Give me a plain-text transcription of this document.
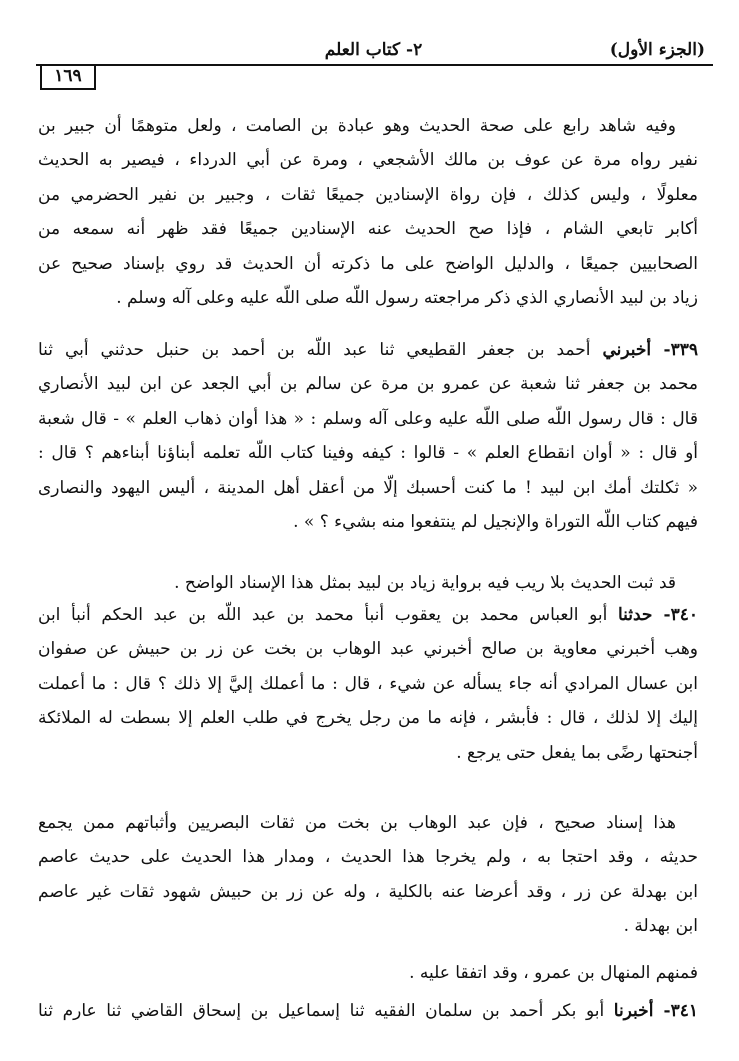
(الجزء الأول)
٢- كتاب العلم
١٦٩
وفيه شاهد رابع على صحة الحديث وهو عبادة بن الصامت ، ولعل متوهمًا أن جبير بن
نفير رواه مرة عن عوف بن مالك الأشجعي ، ومرة عن أبي الدرداء ، فيصير به الحديث
معلولًا ، وليس كذلك ، فإن رواة الإسنادين جميعًا ثقات ، وجبير بن نفير الحضرمي من
أكابر تابعي الشام ، فإذا صح الحديث عنه الإسنادين جميعًا فقد ظهر أنه سمعه من
الصحابيين جميعًا ، والدليل الواضح على ما ذكرته أن الحديث قد روي بإسناد صحيح عن
زياد بن لبيد الأنصاري الذي ذكر مراجعته رسول اللّه صلى اللّه عليه وعلى آله وسلم .
٣٣٩- أخبرني أحمد بن جعفر القطيعي ثنا عبد اللّه بن أحمد بن حنبل حدثني أبي ثنا
محمد بن جعفر ثنا شعبة عن عمرو بن مرة عن سالم بن أبي الجعد عن ابن لبيد الأنصاري
قال : قال رسول اللّه صلى اللّه عليه وعلى آله وسلم : « هذا أوان ذهاب العلم » - قال شعبة
أو قال : « أوان انقطاع العلم » - قالوا : كيفه وفينا كتاب اللّه تعلمه أبناؤنا أبناءهم ؟ قال :
« ثكلتك أمك ابن لبيد ! ما كنت أحسبك إلّا من أعقل أهل المدينة ، أليس اليهود والنصارى
فيهم كتاب اللّه التوراة والإنجيل لم ينتفعوا منه بشيء ؟ » .
قد ثبت الحديث بلا ريب فيه برواية زياد بن لبيد بمثل هذا الإسناد الواضح .
٣٤٠- حدثنا أبو العباس محمد بن يعقوب أنبأ محمد بن عبد اللّه بن عبد الحكم أنبأ ابن
وهب أخبرني معاوية بن صالح أخبرني عبد الوهاب بن بخت عن زر بن حبيش عن صفوان
ابن عسال المرادي أنه جاء يسأله عن شيء ، قال : ما أعملك إليَّ إلا ذلك ؟ قال : ما أعملت
إليك إلا لذلك ، قال : فأبشر ، فإنه ما من رجل يخرج في طلب العلم إلا بسطت له الملائكة
أجنحتها رضًى بما يفعل حتى يرجع .
هذا إسناد صحيح ، فإن عبد الوهاب بن بخت من ثقات البصريين وأثباتهم ممن يجمع
حديثه ، وقد احتجا به ، ولم يخرجا هذا الحديث ، ومدار هذا الحديث على حديث عاصم
ابن بهدلة عن زر ، وقد أعرضا عنه بالكلية ، وله عن زر بن حبيش شهود ثقات غير عاصم
ابن بهدلة .
فمنهم المنهال بن عمرو ، وقد اتفقا عليه .
٣٤١- أخبرنا أبو بكر أحمد بن سلمان الفقيه ثنا إسماعيل بن إسحاق القاضي ثنا عارم ثنا
